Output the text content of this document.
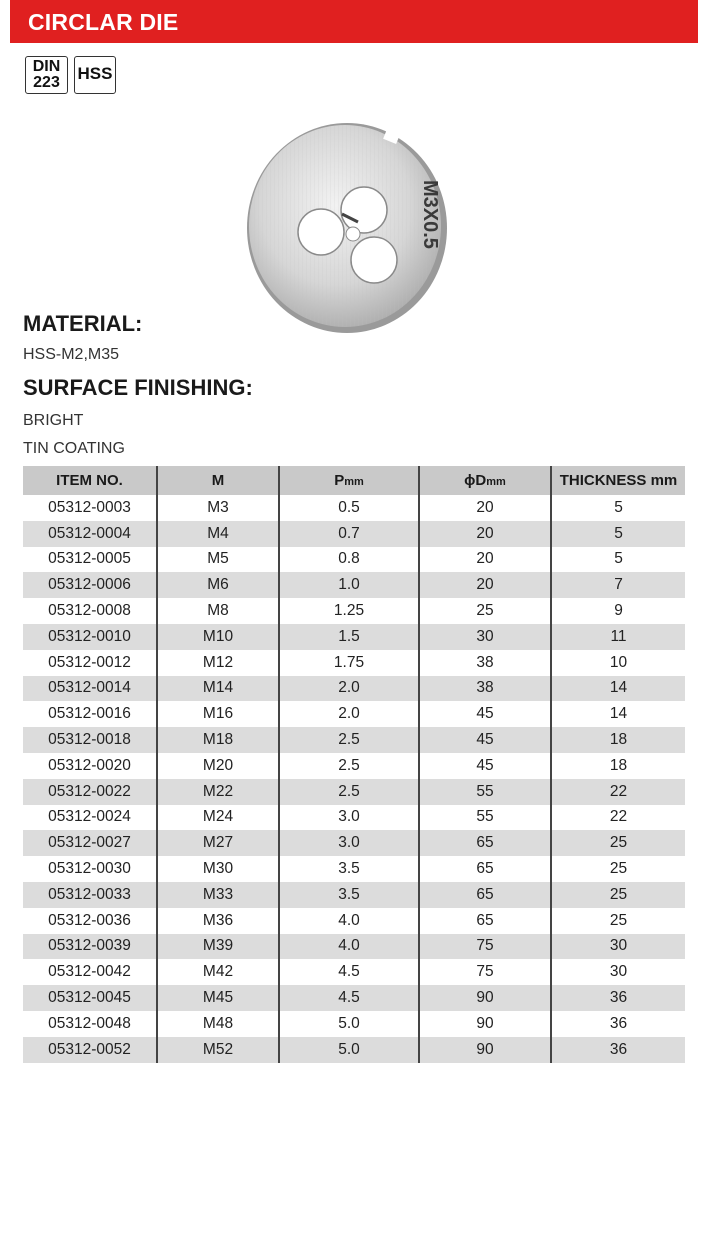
CIRCLAR DIE
DIN
223	HSS
M3X0.5
MATERIAL:
HSS-M2,M35
SURFACE FINISHING:
BRIGHT
TIN COATING
ITEM NO.	M	Pmm	ϕDmm	THICKNESS mm
05312-0003	M3	0.5	20	5
05312-0004	M4	0.7	20	5
05312-0005	M5	0.8	20	5
05312-0006	M6	1.0	20	7
05312-0008	M8	1.25	25	9
05312-0010	M10	1.5	30	11
05312-0012	M12	1.75	38	10
05312-0014	M14	2.0	38	14
05312-0016	M16	2.0	45	14
05312-0018	M18	2.5	45	18
05312-0020	M20	2.5	45	18
05312-0022	M22	2.5	55	22
05312-0024	M24	3.0	55	22
05312-0027	M27	3.0	65	25
05312-0030	M30	3.5	65	25
05312-0033	M33	3.5	65	25
05312-0036	M36	4.0	65	25
05312-0039	M39	4.0	75	30
05312-0042	M42	4.5	75	30
05312-0045	M45	4.5	90	36
05312-0048	M48	5.0	90	36
05312-0052	M52	5.0	90	36
